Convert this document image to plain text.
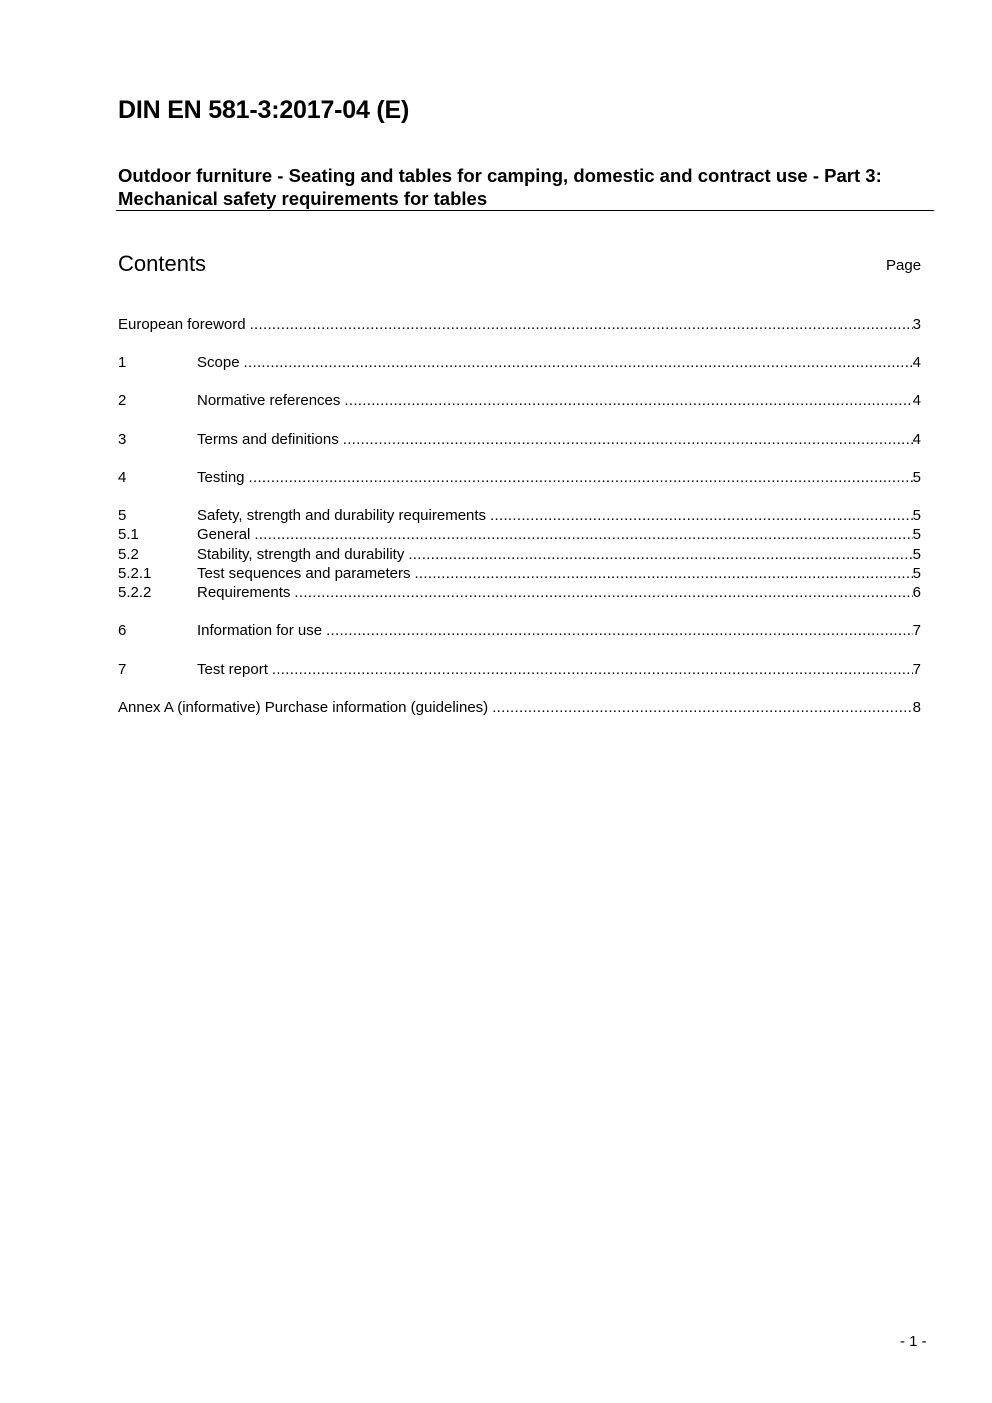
DIN EN 581-3:2017-04 (E)
Outdoor furniture - Seating and tables for camping, domestic and contract use - Part 3: Mechanical safety requirements for tables
Contents	Page
European foreword .....	3
1	Scope .....	4
2	Normative references .....	4
3	Terms and definitions .....	4
4	Testing .....	5
5	Safety, strength and durability requirements .....	5
5.1	General .....	5
5.2	Stability, strength and durability .....	5
5.2.1	Test sequences and parameters .....	5
5.2.2	Requirements .....	6
6	Information for use .....	7
7	Test report .....	7
Annex A (informative) Purchase information (guidelines) .....	8
- 1 -
